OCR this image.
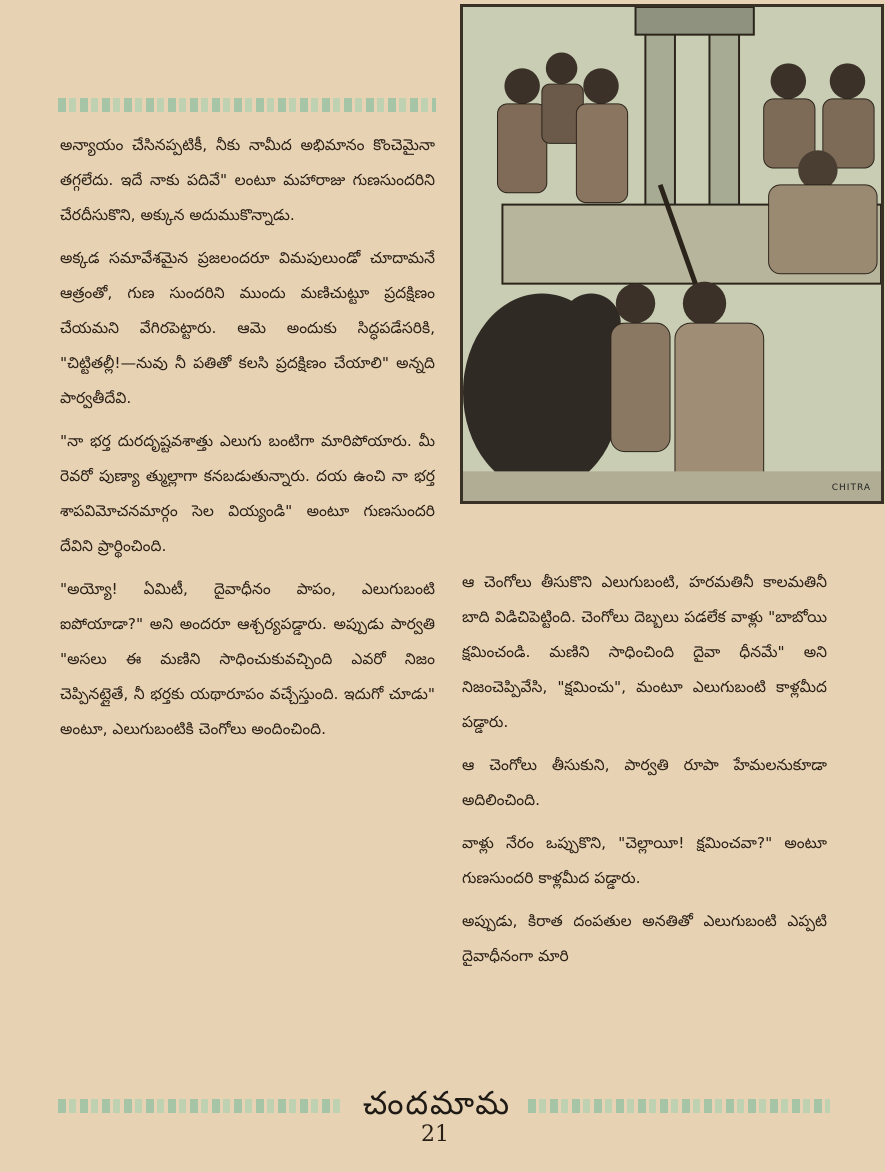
అన్యాయం చేసినప్పటికీ, నీకు నామీద అభిమానం కొంచెమైనా తగ్గలేదు. ఇదే నాకు పదివే" లంటూ మహారాజు గుణసుందరిని చేరదీసుకొని, అక్కున అదుముకొన్నాడు.

అక్కడ సమావేశమైన ప్రజలందరూ విమపులుండో చూదామనే ఆత్రంతో, గుణ సుందరిని ముందు మణిచుట్టూ ప్రదక్షిణం చేయమని వేగిరపెట్టారు. ఆమె అందుకు సిద్ధపడేసరికి, "చిట్టితల్లీ!—నువు నీ పతితో కలసి ప్రదక్షిణం చేయాలి" అన్నది పార్వతీదేవి.

"నా భర్త దురదృష్టవశాత్తు ఎలుగు బంటిగా మారిపోయారు. మీ రెవరో పుణ్యా త్ముల్లాగా కనబడుతున్నారు. దయ ఉంచి నా భర్త శాపవిమోచనమార్గం సెల వియ్యండి" అంటూ గుణసుందరి దేవిని ప్రార్థించింది.

"అయ్యో! ఏమిటీ, దైవాధీనం పాపం, ఎలుగుబంటి ఐపోయాడా?" అని అందరూ ఆశ్చర్యపడ్డారు. అప్పుడు పార్వతి "అసలు ఈ మణిని సాధించుకువచ్చింది ఎవరో నిజం చెప్పినట్లైతే, నీ భర్తకు యథారూపం వచ్చేస్తుంది. ఇదుగో చూడు" అంటూ, ఎలుగుబంటికి చెంగోలు అందించింది.

CHITRA

ఆ చెంగోలు తీసుకొని ఎలుగుబంటి, హరమతినీ కాలమతినీ బాది విడిచిపెట్టింది. చెంగోలు దెబ్బలు పడలేక వాళ్లు "బాబోయి క్షమించండి. మణిని సాధించింది దైవా ధీనమే" అని నిజంచెప్పివేసి, "క్షమించు", మంటూ ఎలుగుబంటి కాళ్లమీద పడ్డారు.

ఆ చెంగోలు తీసుకుని, పార్వతి రూపా హేమలనుకూడా అదిలించింది.

వాళ్లు నేరం ఒప్పుకొని, "చెల్లాయీ! క్షమించవా?" అంటూ గుణసుందరి కాళ్లమీద పడ్డారు.

అప్పుడు, కిరాత దంపతుల అనతితో ఎలుగుబంటి ఎప్పటి దైవాధీనంగా మారి

చందమామ
21
